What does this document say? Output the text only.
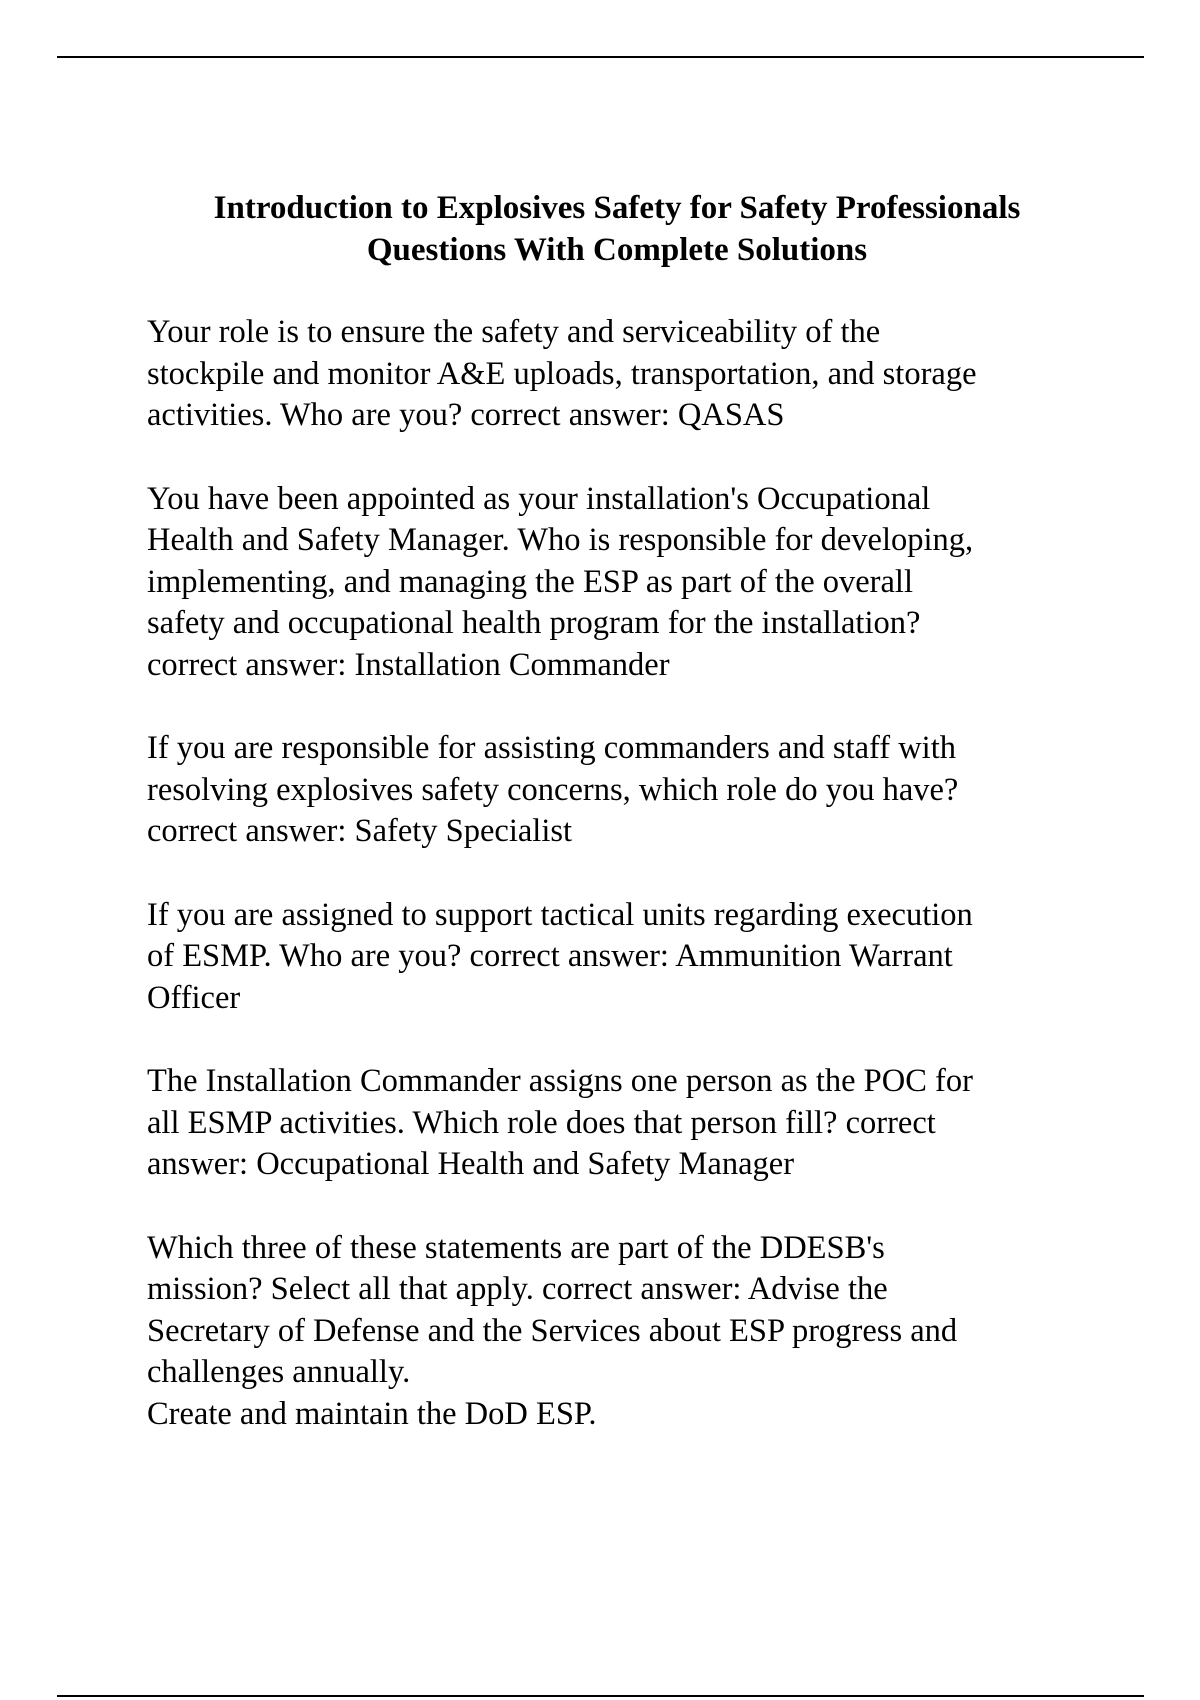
Introduction to Explosives Safety for Safety Professionals
Questions With Complete Solutions

Your role is to ensure the safety and serviceability of the
stockpile and monitor A&E uploads, transportation, and storage
activities. Who are you? correct answer: QASAS

You have been appointed as your installation's Occupational
Health and Safety Manager. Who is responsible for developing,
implementing, and managing the ESP as part of the overall
safety and occupational health program for the installation?
correct answer: Installation Commander

If you are responsible for assisting commanders and staff with
resolving explosives safety concerns, which role do you have?
correct answer: Safety Specialist

If you are assigned to support tactical units regarding execution
of ESMP. Who are you? correct answer: Ammunition Warrant
Officer

The Installation Commander assigns one person as the POC for
all ESMP activities. Which role does that person fill? correct
answer: Occupational Health and Safety Manager

Which three of these statements are part of the DDESB's
mission? Select all that apply. correct answer: Advise the
Secretary of Defense and the Services about ESP progress and
challenges annually.
Create and maintain the DoD ESP.
